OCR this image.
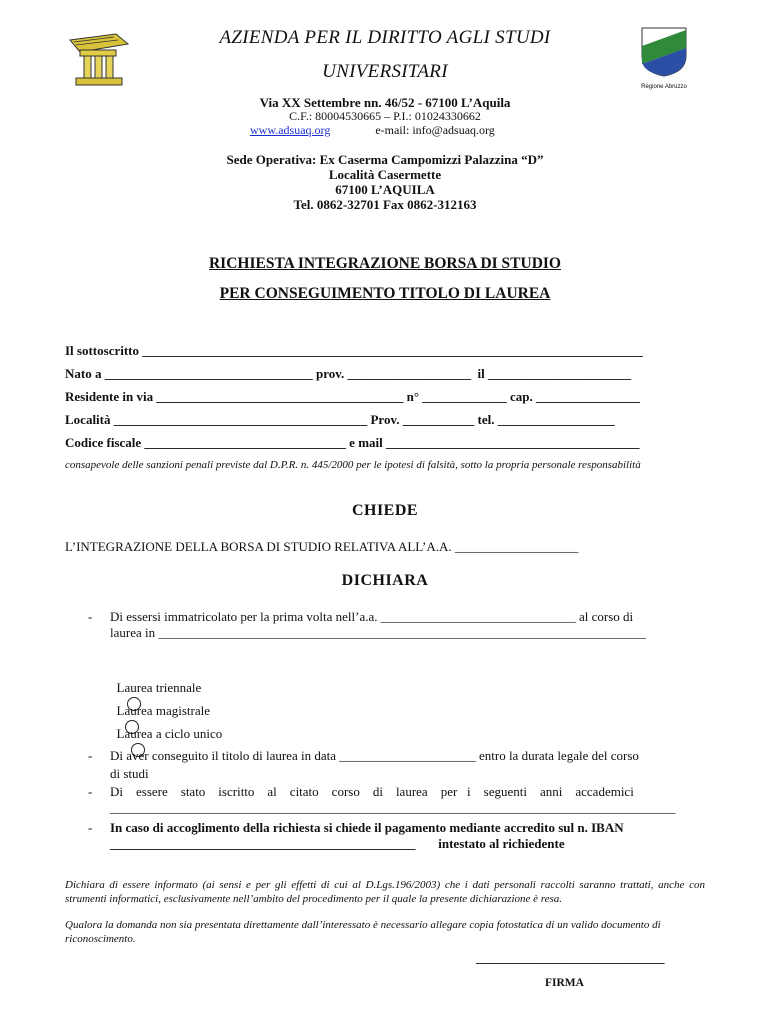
Regione Abruzzo
AZIENDA PER IL DIRITTO AGLI STUDI
UNIVERSITARI
Via XX Settembre nn. 46/52 - 67100 L’Aquila
C.F.: 80004530665 – P.I.: 01024330662
www.adsuaq.org	e-mail: info@adsuaq.org
Sede Operativa: Ex Caserma Campomizzi Palazzina “D”
Località Casermette
67100 L’AQUILA
Tel. 0862-32701 Fax 0862-312163
RICHIESTA INTEGRAZIONE BORSA DI STUDIO
PER CONSEGUIMENTO TITOLO DI LAUREA
Il sottoscritto _____________________________________________________________________________
Nato a ________________________________ prov. ___________________  il ______________________
Residente in via ______________________________________ n° _____________ cap. ________________
Località _______________________________________ Prov. ___________ tel. __________________
Codice fiscale _______________________________ e mail _______________________________________
consapevole delle sanzioni penali previste dal D.P.R. n. 445/2000 per le ipotesi di falsità, sotto la propria personale responsabilità
CHIEDE
L’INTEGRAZIONE DELLA BORSA DI STUDIO RELATIVA ALL’A.A. ___________________
DICHIARA
- Di essersi immatricolato per la prima volta nell’a.a. ______________________________ al corso di
laurea in ___________________________________________________________________________

Laurea triennale

Laurea magistrale

Laurea a ciclo unico

- Di aver conseguito il titolo di laurea in data _____________________ entro la durata legale del corso
di studi
- Di    essere    stato    iscritto    al    citato    corso    di    laurea    per   i    seguenti    anni    accademici
_______________________________________________________________________________________
- In caso di accoglimento della richiesta si chiede il pagamento mediante accredito sul n. IBAN
_______________________________________________       intestato al richiedente
Dichiara di essere informato (ai sensi e per gli effetti di cui al D.Lgs.196/2003) che i dati personali raccolti saranno trattati, anche con strumenti informatici, esclusivamente nell’ambito del procedimento per il quale la presente dichiarazione è resa.
Qualora la domanda non sia presentata direttamente dall’interessato è necessario allegare copia fotostatica di un valido documento di riconoscimento.
_____________________________
FIRMA
